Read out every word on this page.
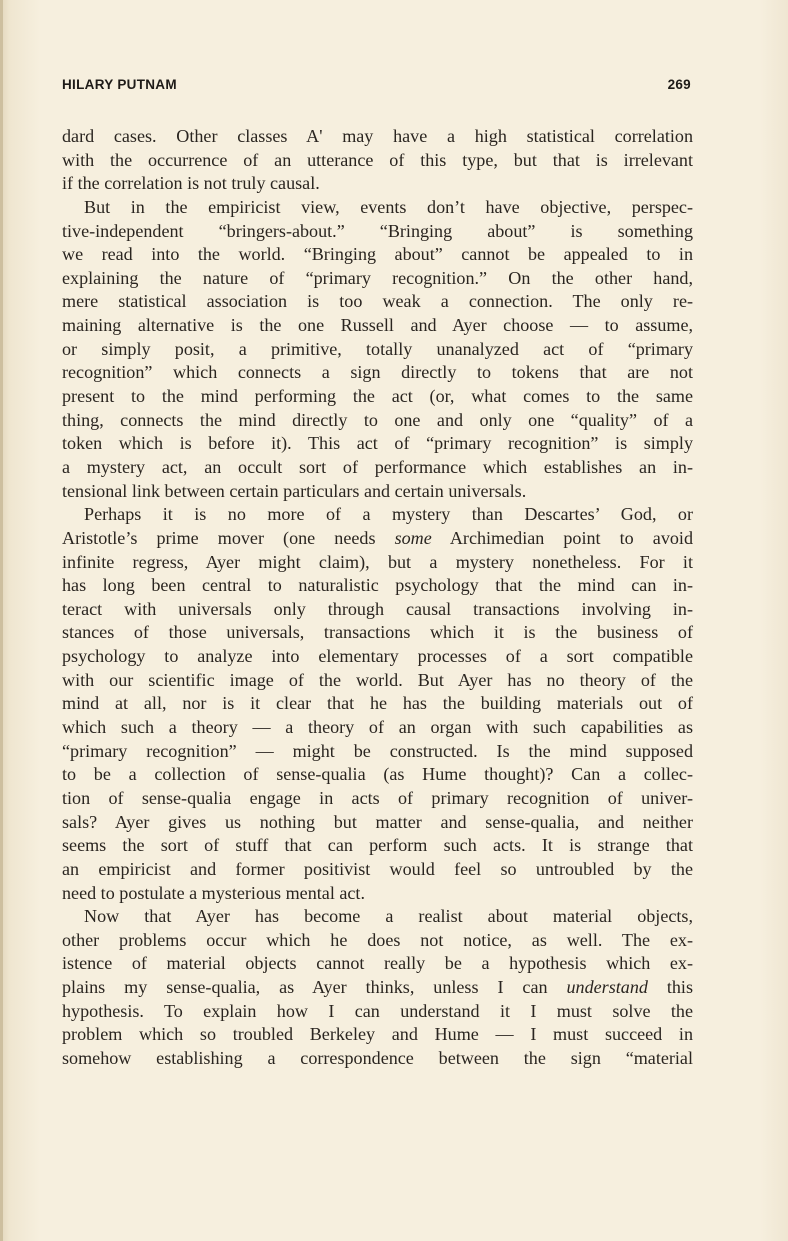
HILARY PUTNAM	269
dard cases. Other classes A' may have a high statistical correlation
with the occurrence of an utterance of this type, but that is irrelevant
if the correlation is not truly causal.
But in the empiricist view, events don’t have objective, perspec-
tive-independent “bringers-about.” “Bringing about” is something
we read into the world. “Bringing about” cannot be appealed to in
explaining the nature of “primary recognition.” On the other hand,
mere statistical association is too weak a connection. The only re-
maining alternative is the one Russell and Ayer choose — to assume,
or simply posit, a primitive, totally unanalyzed act of “primary
recognition” which connects a sign directly to tokens that are not
present to the mind performing the act (or, what comes to the same
thing, connects the mind directly to one and only one “quality” of a
token which is before it). This act of “primary recognition” is simply
a mystery act, an occult sort of performance which establishes an in-
tensional link between certain particulars and certain universals.
Perhaps it is no more of a mystery than Descartes’ God, or
Aristotle’s prime mover (one needs some Archimedian point to avoid
infinite regress, Ayer might claim), but a mystery nonetheless. For it
has long been central to naturalistic psychology that the mind can in-
teract with universals only through causal transactions involving in-
stances of those universals, transactions which it is the business of
psychology to analyze into elementary processes of a sort compatible
with our scientific image of the world. But Ayer has no theory of the
mind at all, nor is it clear that he has the building materials out of
which such a theory — a theory of an organ with such capabilities as
“primary recognition” — might be constructed. Is the mind supposed
to be a collection of sense-qualia (as Hume thought)? Can a collec-
tion of sense-qualia engage in acts of primary recognition of univer-
sals? Ayer gives us nothing but matter and sense-qualia, and neither
seems the sort of stuff that can perform such acts. It is strange that
an empiricist and former positivist would feel so untroubled by the
need to postulate a mysterious mental act.
Now that Ayer has become a realist about material objects,
other problems occur which he does not notice, as well. The ex-
istence of material objects cannot really be a hypothesis which ex-
plains my sense-qualia, as Ayer thinks, unless I can understand this
hypothesis. To explain how I can understand it I must solve the
problem which so troubled Berkeley and Hume — I must succeed in
somehow establishing a correspondence between the sign “material
